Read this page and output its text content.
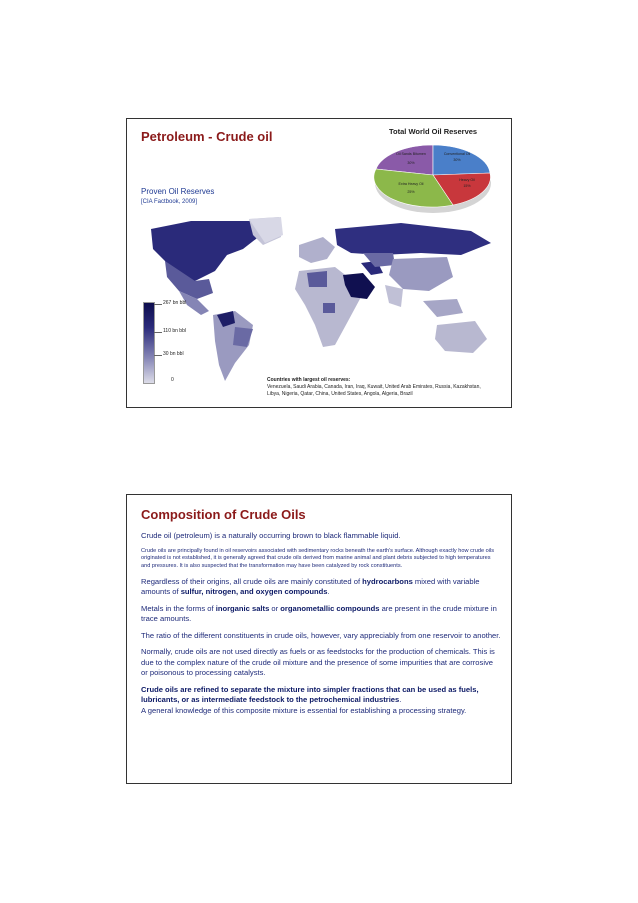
Petroleum - Crude oil
Proven Oil Reserves
[CIA Factbook, 2009]
Total World Oil Reserves
Oil Sands Bitumen
30%
Conventional Oil
30%
Heavy Oil
15%
Extra Heavy Oil
25%
267 bn bbl
110 bn bbl
30 bn bbl
0	Countries with largest oil reserves:
Venezuela, Saudi Arabia, Canada, Iran, Iraq, Kuwait, United Arab Emirates, Russia, Kazakhstan, Libya, Nigeria, Qatar, China, United States, Angola, Algeria, Brazil
Composition of Crude Oils

Crude oil (petroleum) is a naturally occurring brown to black flammable liquid.

Crude oils are principally found in oil reservoirs associated with sedimentary rocks beneath the earth's surface. Although exactly how crude oils originated is not established, it is generally agreed that crude oils derived from marine animal and plant debris subjected to high temperatures and pressures. It is also suspected that the transformation may have been catalyzed by rock constituents.

Regardless of their origins, all crude oils are mainly constituted of hydrocarbons mixed with variable amounts of sulfur, nitrogen, and oxygen compounds.

Metals in the forms of inorganic salts or organometallic compounds are present in the crude mixture in trace amounts.

The ratio of the different constituents in crude oils, however, vary appreciably from one reservoir to another.

Normally, crude oils are not used directly as fuels or as feedstocks for the production of chemicals. This is due to the complex nature of the crude oil mixture and the presence of some impurities that are corrosive or poisonous to processing catalysts.

Crude oils are refined to separate the mixture into simpler fractions that can be used as fuels, lubricants, or as intermediate feedstock to the petrochemical industries.
A general knowledge of this composite mixture is essential for establishing a processing strategy.
